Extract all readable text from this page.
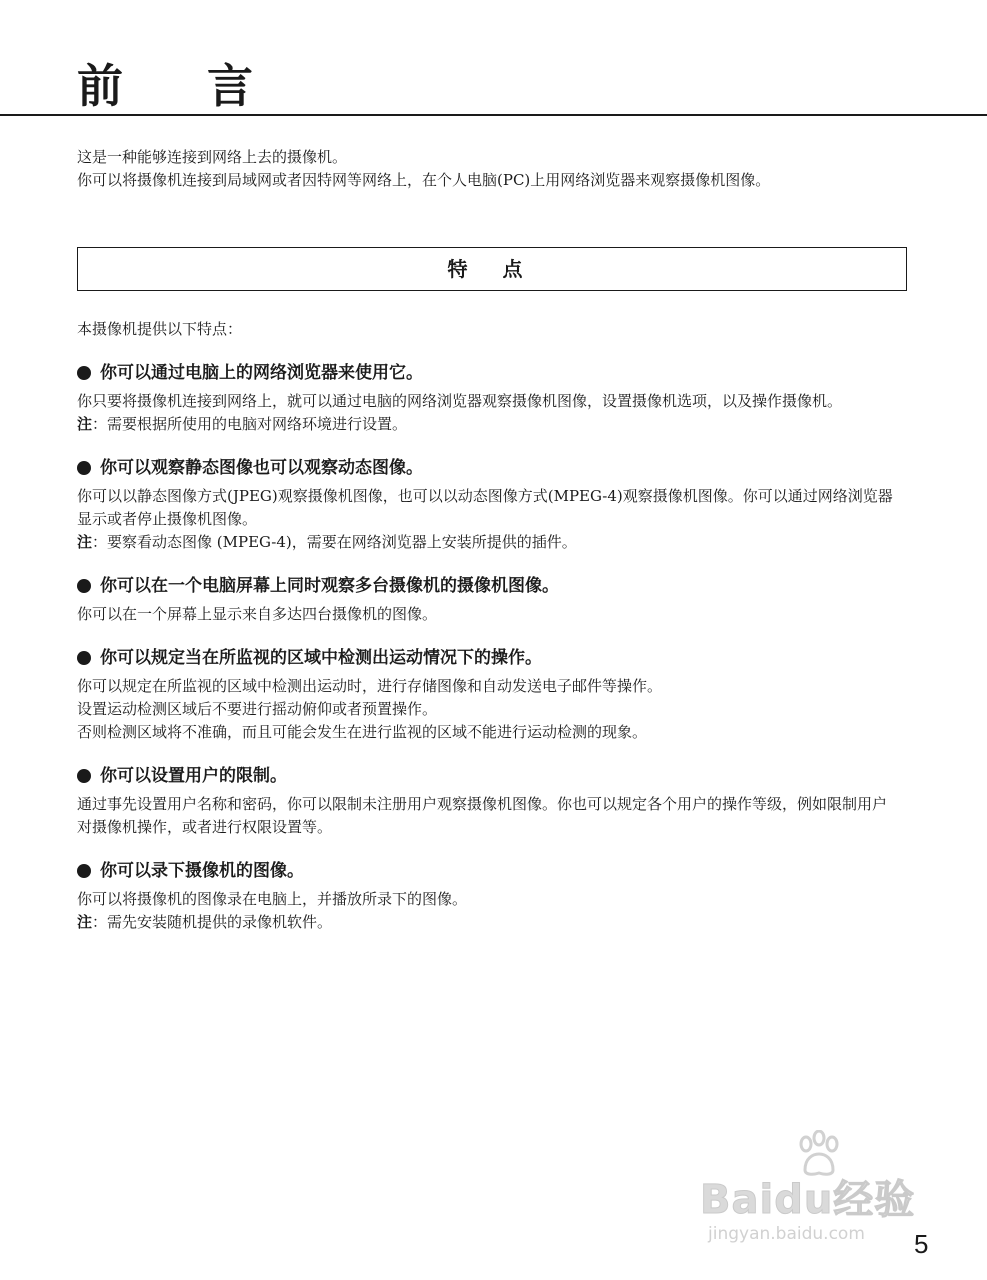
前 言

这是一种能够连接到网络上去的摄像机。

你可以将摄像机连接到局域网或者因特网等网络上，在个人电脑(PC)上用网络浏览器来观察摄像机图像。

特 点

本摄像机提供以下特点：

你可以通过电脑上的网络浏览器来使用它。

你只要将摄像机连接到网络上，就可以通过电脑的网络浏览器观察摄像机图像，设置摄像机选项，以及操作摄像机。

注：需要根据所使用的电脑对网络环境进行设置。

你可以观察静态图像也可以观察动态图像。

你可以以静态图像方式(JPEG)观察摄像机图像，也可以以动态图像方式(MPEG-4)观察摄像机图像。你可以通过网络浏览器显示或者停止摄像机图像。

注：要察看动态图像 (MPEG-4)，需要在网络浏览器上安装所提供的插件。

你可以在一个电脑屏幕上同时观察多台摄像机的摄像机图像。

你可以在一个屏幕上显示来自多达四台摄像机的图像。

你可以规定当在所监视的区域中检测出运动情况下的操作。

你可以规定在所监视的区域中检测出运动时，进行存储图像和自动发送电子邮件等操作。

设置运动检测区域后不要进行摇动俯仰或者预置操作。

否则检测区域将不准确，而且可能会发生在进行监视的区域不能进行运动检测的现象。

你可以设置用户的限制。

通过事先设置用户名称和密码，你可以限制未注册用户观察摄像机图像。你也可以规定各个用户的操作等级，例如限制用户对摄像机操作，或者进行权限设置等。

你可以录下摄像机的图像。

你可以将摄像机的图像录在电脑上，并播放所录下的图像。

注：需先安装随机提供的录像机软件。

Baidu经验
jingyan.baidu.com 5
